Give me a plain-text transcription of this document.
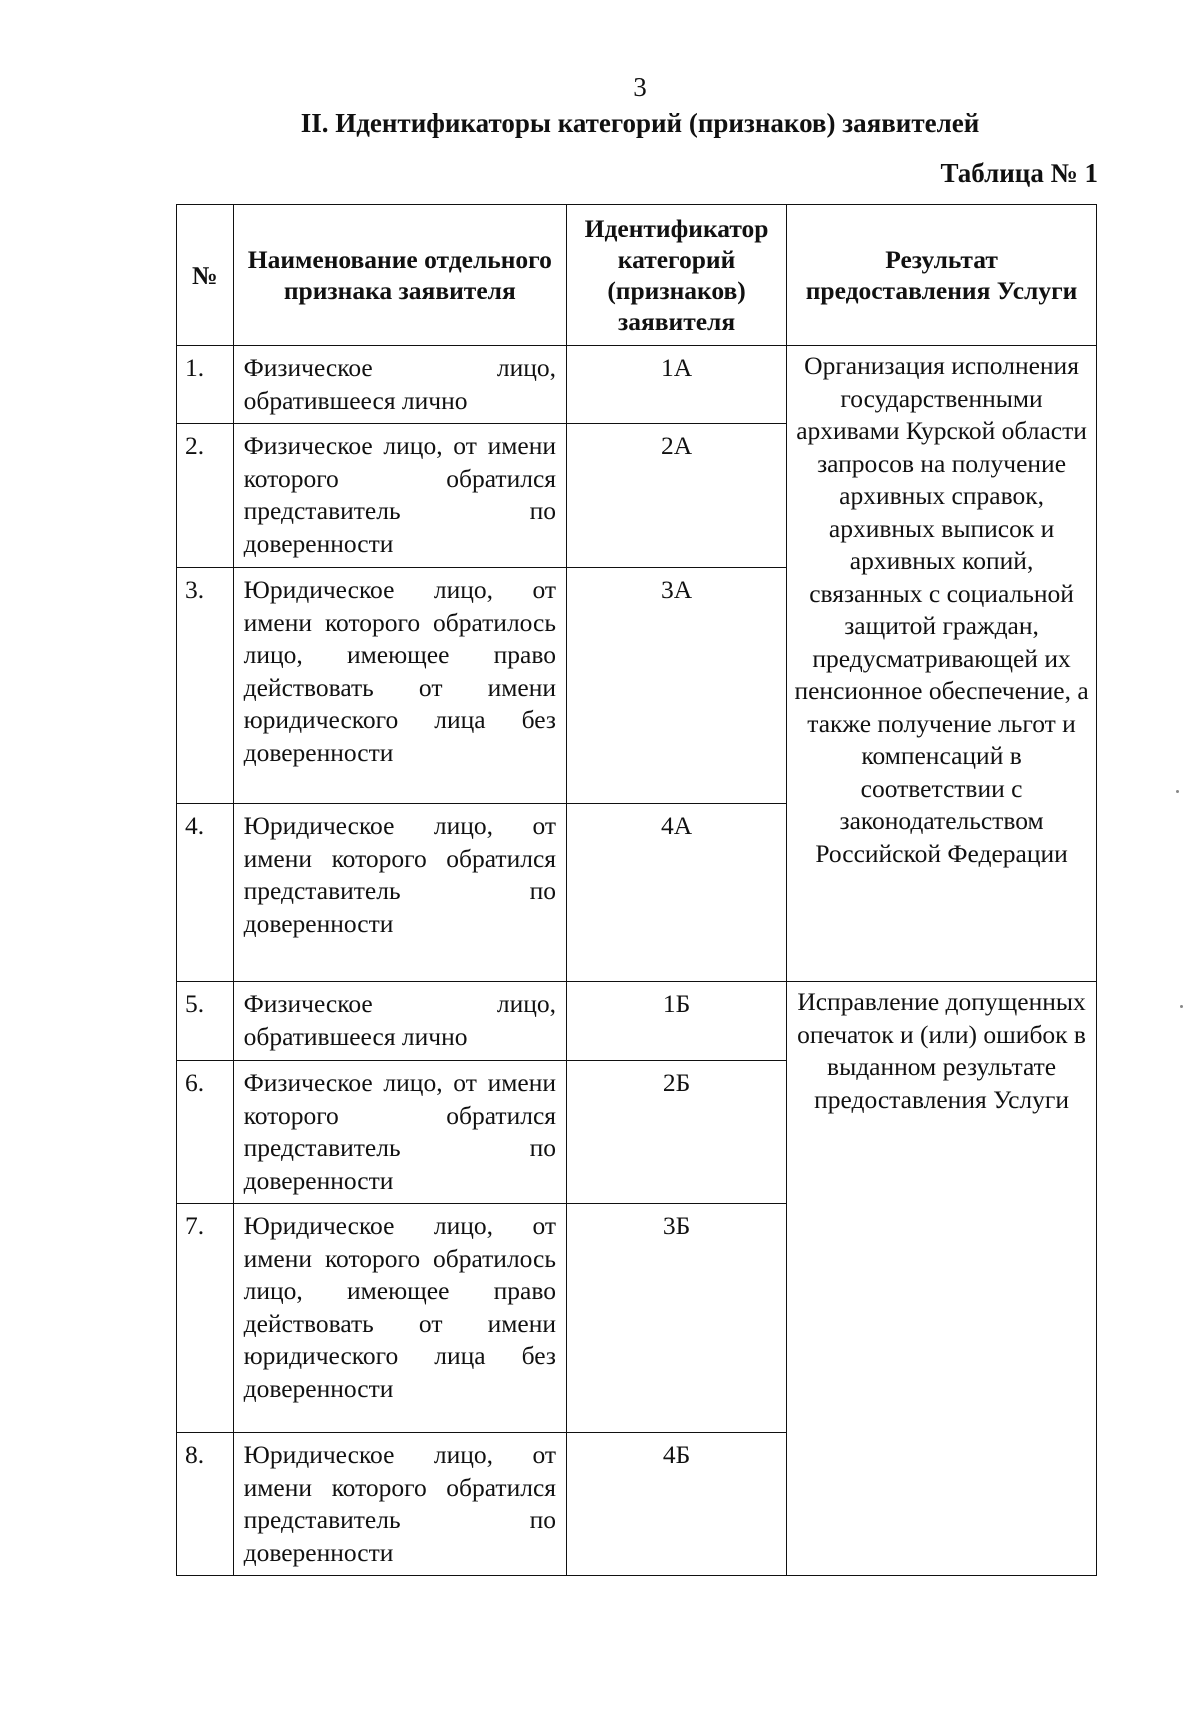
3
II. Идентификаторы категорий (признаков) заявителей
Таблица № 1
№	Наименование отдельного признака заявителя	Идентификатор категорий (признаков) заявителя	Результат предоставления Услуги
1.	Физическое лицо, обратившееся лично	1А	Организация исполнения государственными архивами Курской области запросов на получение архивных справок, архивных выписок и архивных копий, связанных с социальной защитой граждан, предусматривающей их пенсионное обеспечение, а также получение льгот и компенсаций в соответствии с законодательством Российской Федерации
2.	Физическое лицо, от имени которого обратился представитель по доверенности	2А	
3.	Юридическое лицо, от имени которого обратилось лицо, имеющее право действовать от имени юридического лица без доверенности	3А	
4.	Юридическое лицо, от имени которого обратился представитель по доверенности	4А	
5.	Физическое лицо, обратившееся лично	1Б	Исправление допущенных опечаток и (или) ошибок в выданном результате предоставления Услуги
6.	Физическое лицо, от имени которого обратился представитель по доверенности	2Б	
7.	Юридическое лицо, от имени которого обратилось лицо, имеющее право действовать от имени юридического лица без доверенности	3Б	
8.	Юридическое лицо, от имени которого обратился представитель по доверенности	4Б	
